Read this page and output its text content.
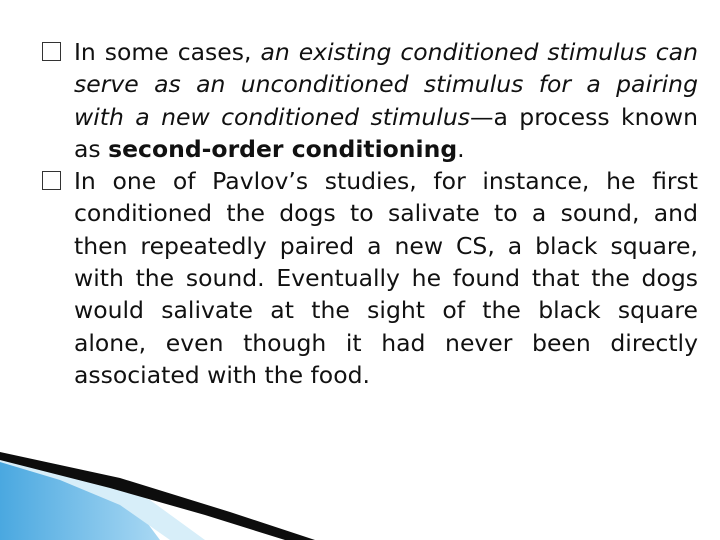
In some cases, an existing conditioned stimulus can serve as an unconditioned stimulus for a pairing with a new conditioned stimulus—a process known as second-order conditioning.

In one of Pavlov’s studies, for instance, he first conditioned the dogs to salivate to a sound, and then repeatedly paired a new CS, a black square, with the sound. Eventually he found that the dogs would salivate at the sight of the black square alone, even though it had never been directly associated with the food.
